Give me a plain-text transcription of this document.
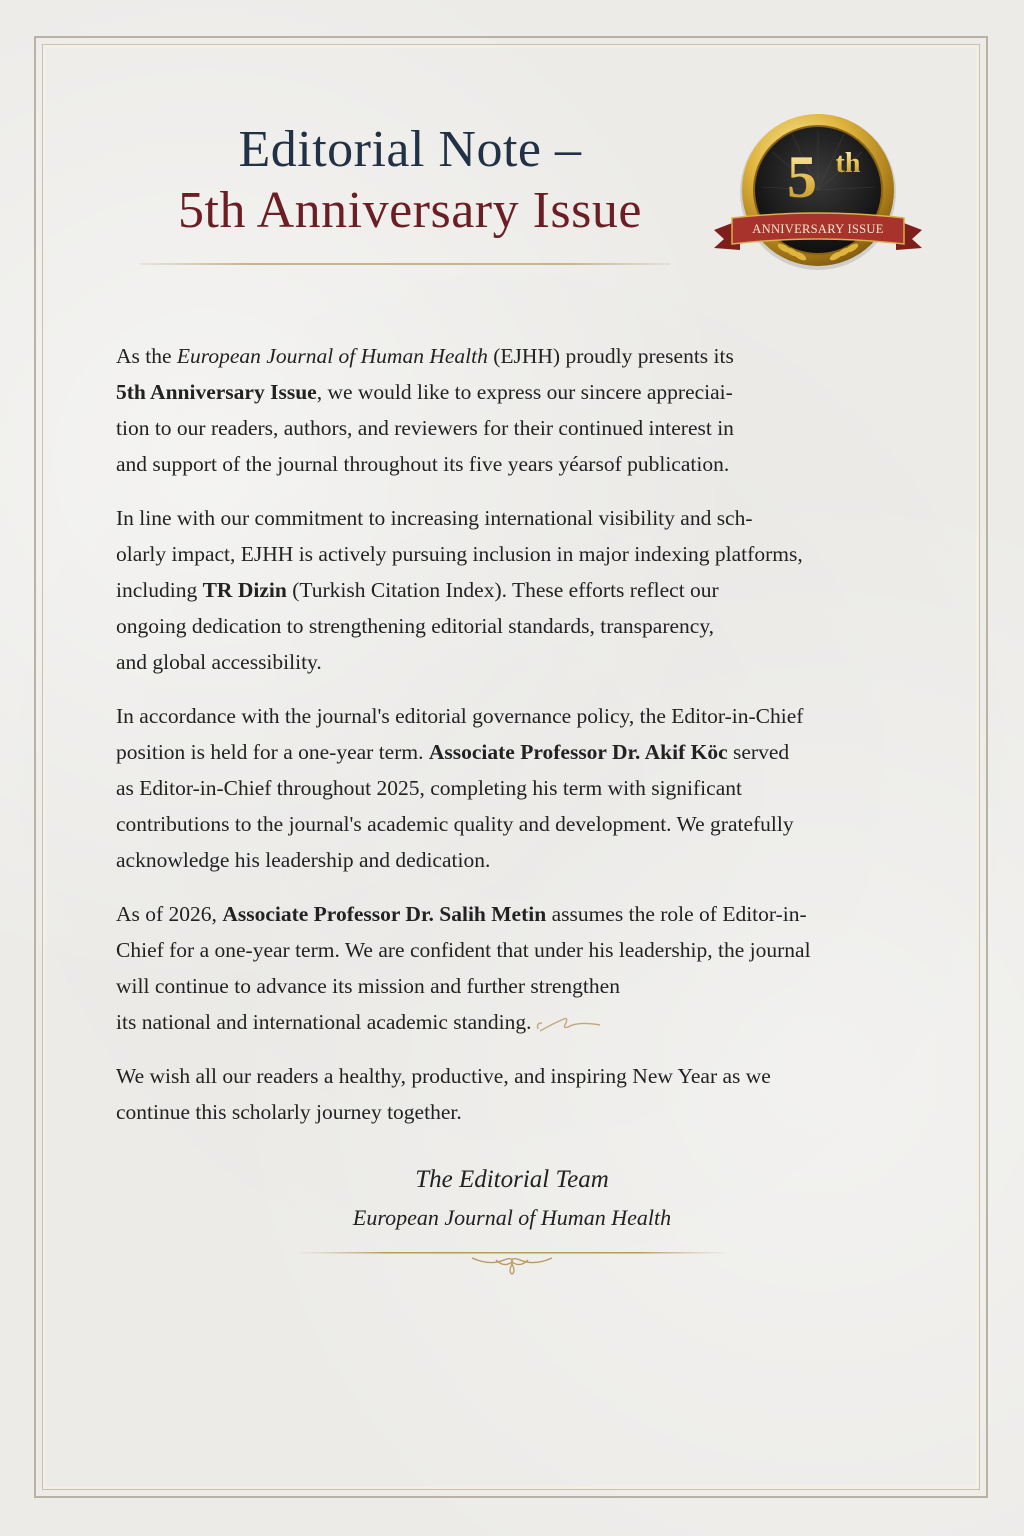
Editorial Note –
5th Anniversary Issue
5 th
ANNIVERSARY ISSUE
As the European Journal of Human Health (EJHH) proudly presents its
5th Anniversary Issue, we would like to express our sincere appreciai-
tion to our readers, authors, and reviewers for their continued interest in
and support of the journal throughout its five years yéarsof publication.
In line with our commitment to increasing international visibility and sch-
olarly impact, EJHH is actively pursuing inclusion in major indexing platforms,
including TR Dizin (Turkish Citation Index). These efforts reflect our
ongoing dedication to strengthening editorial standards, transparency,
and global accessibility.
In accordance with the journal's editorial governance policy, the Editor-in-Chief
position is held for a one-year term. Associate Professor Dr. Akif Köc served
as Editor-in-Chief throughout 2025, completing his term with significant
contributions to the journal's academic quality and development. We gratefully
acknowledge his leadership and dedication.
As of 2026, Associate Professor Dr. Salih Metin assumes the role of Editor-in-
Chief for a one-year term. We are confident that under his leadership, the journal
will continue to advance its mission and further strengthen
its national and international academic standing.
We wish all our readers a healthy, productive, and inspiring New Year as we
continue this scholarly journey together.
The Editorial Team
European Journal of Human Health
